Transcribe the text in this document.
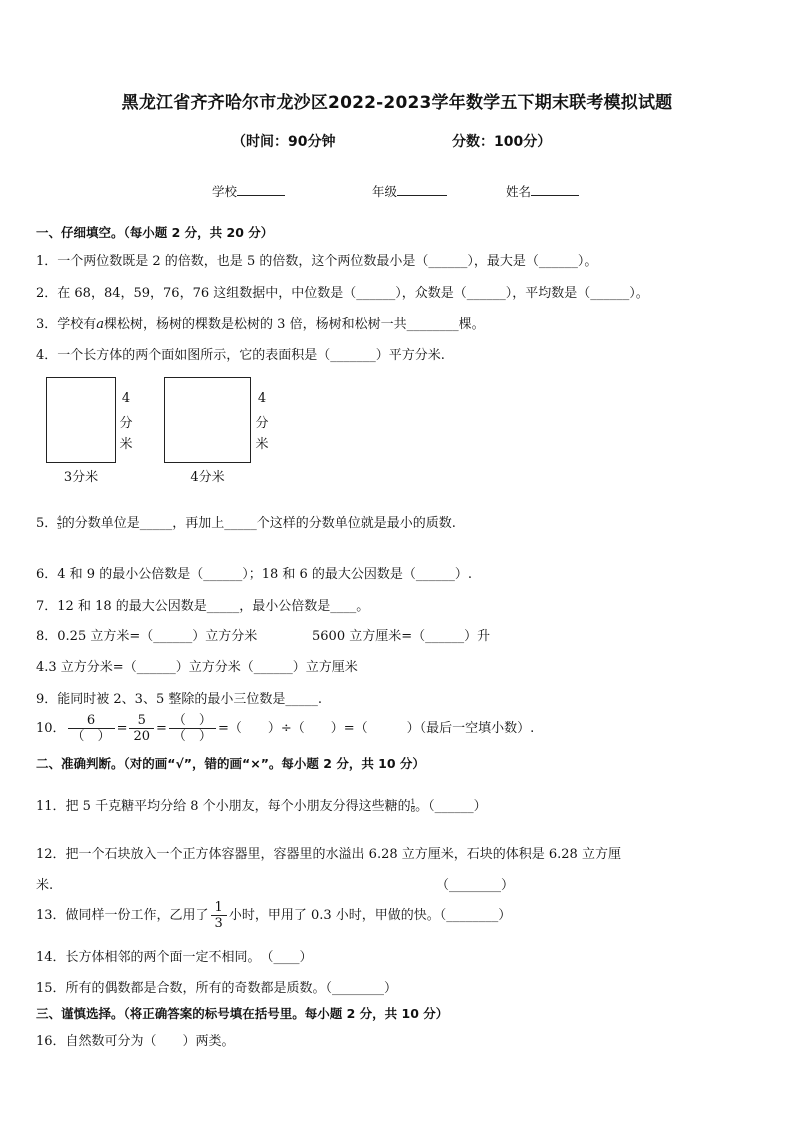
黑龙江省齐齐哈尔市龙沙区2022-2023学年数学五下期末联考模拟试题
（时间：90分钟	分数：100分）
学校	年级	姓名
一、仔细填空。（每小题 2 分，共 20 分）
1．一个两位数既是 2 的倍数，也是 5 的倍数，这个两位数最小是（______），最大是（______）。
2．在 68，84，59，76，76 这组数据中，中位数是（______），众数是（______），平均数是（______）。
3．学校有a棵松树，杨树的棵数是松树的 3 倍，杨树和松树一共________棵。
4．一个长方体的两个面如图所示，它的表面积是（_______）平方分米.
4
分
米
3分米
4
分
米
4分米
5． $\frac{4}{5}$ 的分数单位是_____，再加上_____个这样的分数单位就是最小的质数.
6．4 和 9 的最小公倍数是（______）；18 和 6 的最大公因数是（______）.
7．12 和 18 的最大公因数是_____，最小公倍数是____。
8．0.25 立方米=（______）立方分米	5600 立方厘米=（______）升
4.3 立方分米=（______）立方分米（______）立方厘米
9．能同时被 2、3、5 整除的最小三位数是_____.
10． $\frac{6}{( )} = \frac{5}{20} = \frac{( )}{( )}$ =（　　）÷（　　）=（　　　）（最后一空填小数）.
二、准确判断。（对的画“√”，错的画“×”。每小题 2 分，共 10 分）
11．把 5 千克糖平均分给 8 个小朋友，每个小朋友分得这些糖的 $\frac{1}{8}$ 。（______）
12．把一个石块放入一个正方体容器里，容器里的水溢出 6.28 立方厘米，石块的体积是 6.28 立方厘
米.	（________）
13．做同样一份工作，乙用了 $\frac{1}{3}$ 小时，甲用了 0.3 小时，甲做的快。（________）
14．长方体相邻的两个面一定不相同。　（____）
15．所有的偶数都是合数，所有的奇数都是质数。（________）
三、谨慎选择。（将正确答案的标号填在括号里。每小题 2 分，共 10 分）
16．自然数可分为（　　）两类。
